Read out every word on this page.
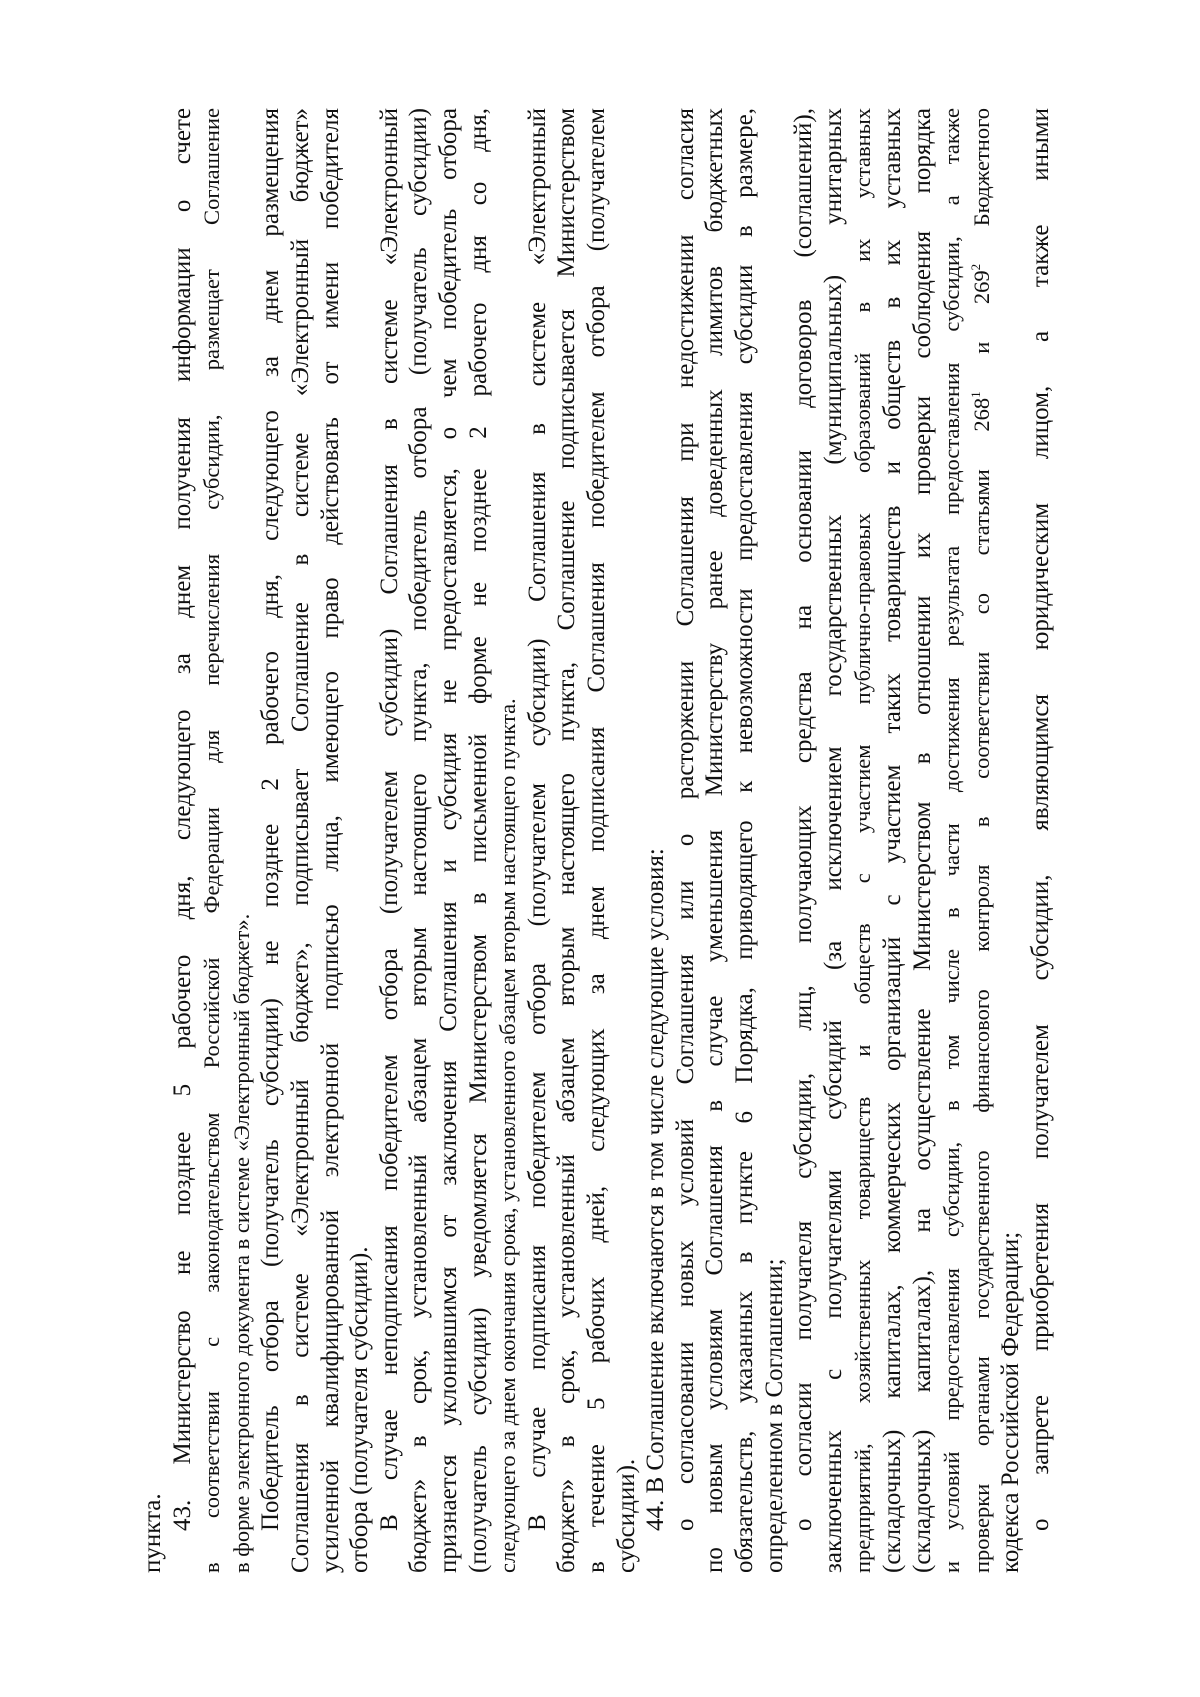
пункта.
43. Министерство не позднее 5 рабочего дня, следующего за днем получения информации о счете в соответствии с законодательством Российской Федерации для перечисления субсидии, размещает Соглашение в форме электронного документа в системе «Электронный бюджет». Победитель отбора (получатель субсидии) не позднее 2 рабочего дня, следующего за днем размещения Соглашения в системе «Электронный бюджет», подписывает Соглашение в системе «Электронный бюджет» усиленной квалифицированной электронной подписью лица, имеющего право действовать от имени победителя отбора (получателя субсидии). В случае неподписания победителем отбора (получателем субсидии) Соглашения в системе «Электронный бюджет» в срок, установленный абзацем вторым настоящего пункта, победитель отбора (получатель субсидии) признается уклонившимся от заключения Соглашения и субсидия не предоставляется, о чем победитель отбора (получатель субсидии) уведомляется Министерством в письменной форме не позднее 2 рабочего дня со дня, следующего за днем окончания срока, установленного абзацем вторым настоящего пункта. В случае подписания победителем отбора (получателем субсидии) Соглашения в системе «Электронный бюджет» в срок, установленный абзацем вторым настоящего пункта, Соглашение подписывается Министерством в течение 5 рабочих дней, следующих за днем подписания Соглашения победителем отбора (получателем субсидии). 44. В Соглашение включаются в том числе следующие условия: о согласовании новых условий Соглашения или о расторжении Соглашения при недостижении согласия по новым условиям Соглашения в случае уменьшения Министерству ранее доведенных лимитов бюджетных обязательств, указанных в пункте 6 Порядка, приводящего к невозможности предоставления субсидии в размере, определенном в Соглашении; о согласии получателя субсидии, лиц, получающих средства на основании договоров (соглашений), заключенных с получателями субсидий (за исключением государственных (муниципальных) унитарных предприятий, хозяйственных товариществ и обществ с участием публично-правовых образований в их уставных (складочных) капиталах, коммерческих организаций с участием таких товариществ и обществ в их уставных (складочных) капиталах), на осуществление Министерством в отношении их проверки соблюдения порядка и условий предоставления субсидии, в том числе в части достижения результата предоставления субсидии, а также проверки органами государственного финансового контроля в соответствии со статьями $268^1$ и $269^2$ Бюджетного
кодекса Российской Федерации; о запрете приобретения получателем субсидии, являющимся юридическим лицом, а также иными
